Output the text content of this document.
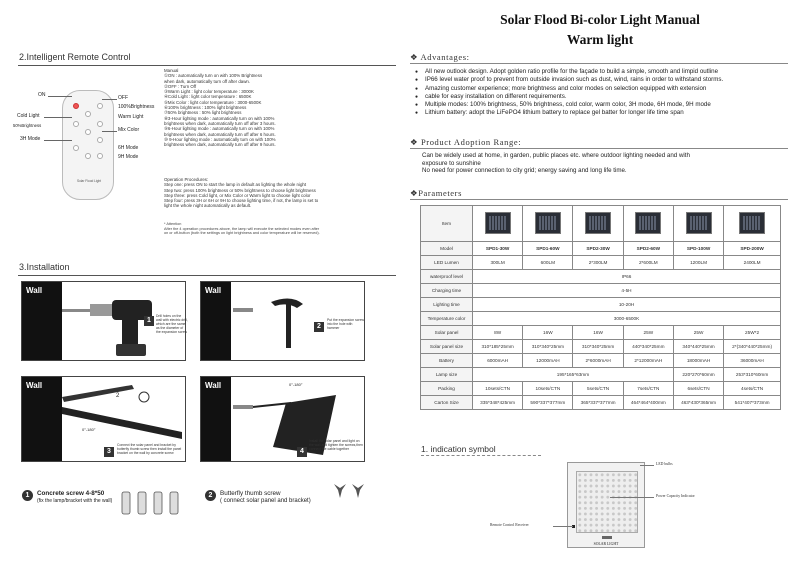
2.Intelligent Remote Control
Solar Flood Light
ON	OFF
100%Brightness
Cold Light	Warm Light
50%Brightness
Mix Color
3H Mode
6H Mode
9H Mode
Manual
①ON : automatically turn on with 100% Brightness
when dark, automatically turn off after dawn.
②OFF : Turn Off
③Warm Light : light color temperature : 3000K
④Cold Light : light color temperature : 6500K
⑤Mix Color : light color temperature : 3000-6500K
⑥100% brightness : 100% light brightness
⑦50% brightness : 50% light brightness
⑧3-Hour lighting mode : automatically turn on with 100%
brightness when dark, automatically turn off after 3 hours.
⑨6-Hour lighting mode : automatically turn on with 100%
brightness when dark, automatically turn off after 6 hours.
⑩ 9-Hour lighting mode : automatically turn on with 100%
brightness when dark, automatically turn off after 9 hours.
Operation Procedures:
Step one: press ON to start the lamp in default as lighting the whole night
Step two: press 100% brightness or 50% brightness to choose light brightness
Step three: press Cold light, or Mix Color or Warm light to choose light color
Step four: press 3H or 6H or 9H to choose lighting time, if not, the lamp is set to
light the whole night automatically as default.
* Attention
After the 4 operation procedures above, the lamp will execute the selected modes even after
on or off-button (both the settings on light brightness and color temperature will be reserved).
3.Installation
Wall
1
Drill holes on the wall with electric drill, which are the same as the diameter of the expansion screw
Wall
2
Put the expansion screw into the hole with hammer
Wall
2
0°-180°
3
Connect the solar panel and bracket by butterfly thumb screw then install the panel bracket on the wall by concrete screw
Wall	0°-180°
4
Install the solar panel and light on the wall and tighten the screws,then connect the cable together
1	Concrete screw 4-8*50
(fix the lamp/bracket with the wall)
2	Butterfly thumb screw
( connect solar panel and bracket)
Solar Flood Bi-color Light Manual
Warm light
❖ Advantages:
● All new outlook design. Adopt golden ratio profile for the façade to build a simple, smooth and limpid outline
● IP66 level water proof to prevent from outside invasion such as dust, wind, rains in order to withstand storms.
● Amazing customer experience; more brightness and color modes on selection equipped with extension
● cable for easy installation on different requirements.
● Multiple modes: 100% brightness, 50% brightness, cold color, warm color, 3H mode, 6H mode, 9H mode
● Lithium battery: adopt the LiFePO4 lithium battery to replace gel batter for longer life time span
❖ Product Adoption Range:
Can be widely used at home, in garden, public places etc. where outdoor lighting needed and with
exposure to sunshine
No need for power connection to city grid; energy saving and long life time.
❖Parameters
Item						
Model	SPD1-30W	SPD1-60W	SPD2-30W	SPD2-60W	SPD-100W	SPD-200W
LED Lumen	300LM	600LM	2*300LM	2*600LM	1200LM	2400LM
waterproof level	IP66					
Charging time	4-5H					
Lighting time	10-20H					
Temperature color	3000-6500K					
Solar panel	8W	16W	16W	25W	25W	25W*2
Solar panel size	310*185*25mm	310*340*25mm	310*340*25mm	440*340*25mm	340*440*25mm	2*(340*440*25mm)
Battery	6000mAH	12000mAH	2*6000mAH	2*12000mAH	18000mAH	36000mAH
Lamp size	195*165*63mm				220*270*60mm	253*310*60mm
Packing	10sets/CTN	10sets/CTN	5sets/CTN	7sets/CTN	6sets/CTN	4sets/CTN
Carton Size	335*348*425mm	590*337*377mm	365*337*377mm	464*464*400mm	463*430*365mm	541*407*373mm
1. indication symbol
SOLAR LIGHT
LED bulbs
Power Capacity Indicator
Remote Control Receiver
